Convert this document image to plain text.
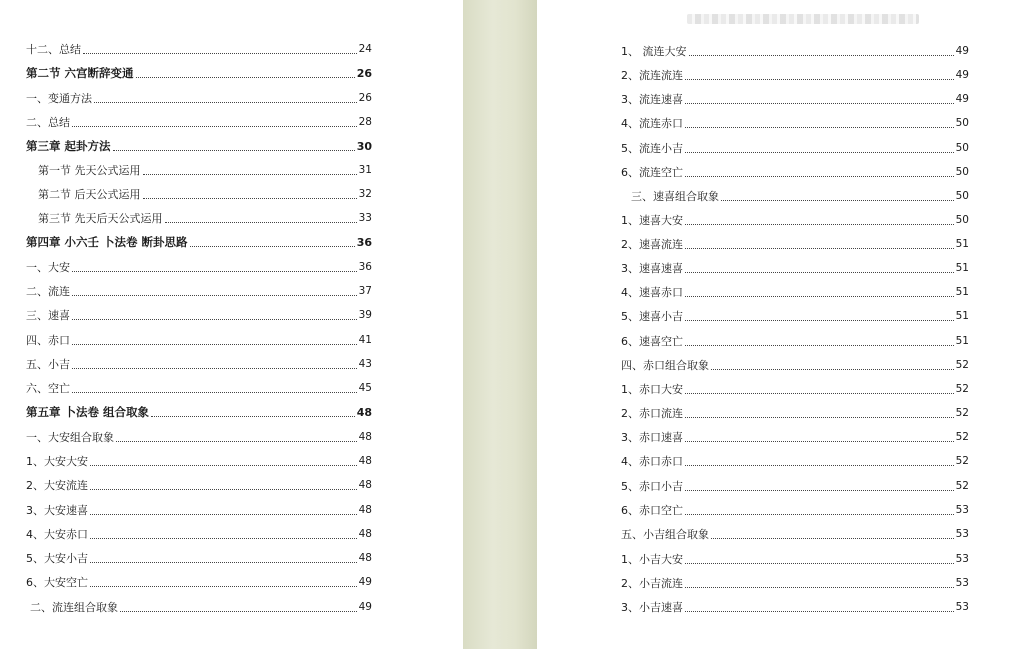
十二、总结	24
第二节 六宫断辞变通	26
一、变通方法	26
二、总结	28
第三章 起卦方法	30
第一节 先天公式运用	31
第二节 后天公式运用	32
第三节 先天后天公式运用	33
第四章 小六壬 卜法卷 断卦思路	36
一、大安	36
二、流连	37
三、速喜	39
四、赤口	41
五、小吉	43
六、空亡	45
第五章 卜法卷 组合取象	48
一、大安组合取象	48
1、大安大安	48
2、大安流连	48
3、大安速喜	48
4、大安赤口	48
5、大安小吉	48
6、大安空亡	49
二、流连组合取象	49
1、 流连大安	49
2、流连流连	49
3、流连速喜	49
4、流连赤口	50
5、流连小吉	50
6、流连空亡	50
三、速喜组合取象	50
1、速喜大安	50
2、速喜流连	51
3、速喜速喜	51
4、速喜赤口	51
5、速喜小吉	51
6、速喜空亡	51
四、赤口组合取象	52
1、赤口大安	52
2、赤口流连	52
3、赤口速喜	52
4、赤口赤口	52
5、赤口小吉	52
6、赤口空亡	53
五、小吉组合取象	53
1、小吉大安	53
2、小吉流连	53
3、小吉速喜	53
